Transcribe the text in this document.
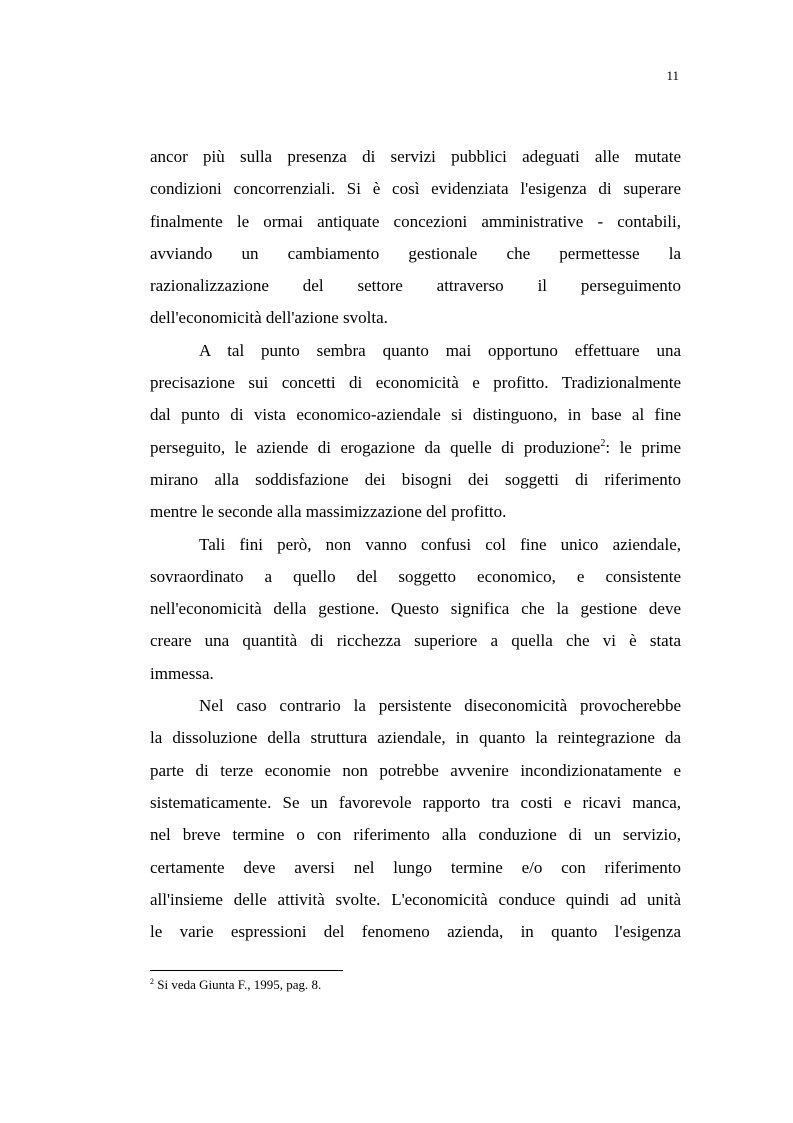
11
ancor più sulla presenza di servizi pubblici adeguati alle mutate
condizioni concorrenziali. Si è così evidenziata l'esigenza di superare
finalmente le ormai antiquate concezioni amministrative - contabili,
avviando un cambiamento gestionale che permettesse la
razionalizzazione del settore attraverso il perseguimento
dell'economicità dell'azione svolta.
A tal punto sembra quanto mai opportuno effettuare una
precisazione sui concetti di economicità e profitto. Tradizionalmente
dal punto di vista economico-aziendale si distinguono, in base al fine
perseguito, le aziende di erogazione da quelle di produzione$^2$: le prime
mirano alla soddisfazione dei bisogni dei soggetti di riferimento
mentre le seconde alla massimizzazione del profitto.
Tali fini però, non vanno confusi col fine unico aziendale,
sovraordinato a quello del soggetto economico, e consistente
nell'economicità della gestione. Questo significa che la gestione deve
creare una quantità di ricchezza superiore a quella che vi è stata
immessa.
Nel caso contrario la persistente diseconomicità provocherebbe
la dissoluzione della struttura aziendale, in quanto la reintegrazione da
parte di terze economie non potrebbe avvenire incondizionatamente e
sistematicamente. Se un favorevole rapporto tra costi e ricavi manca,
nel breve termine o con riferimento alla conduzione di un servizio,
certamente deve aversi nel lungo termine e/o con riferimento
all'insieme delle attività svolte. L'economicità conduce quindi ad unità
le varie espressioni del fenomeno azienda, in quanto l'esigenza
$^2$ Si veda Giunta F., 1995, pag. 8.
